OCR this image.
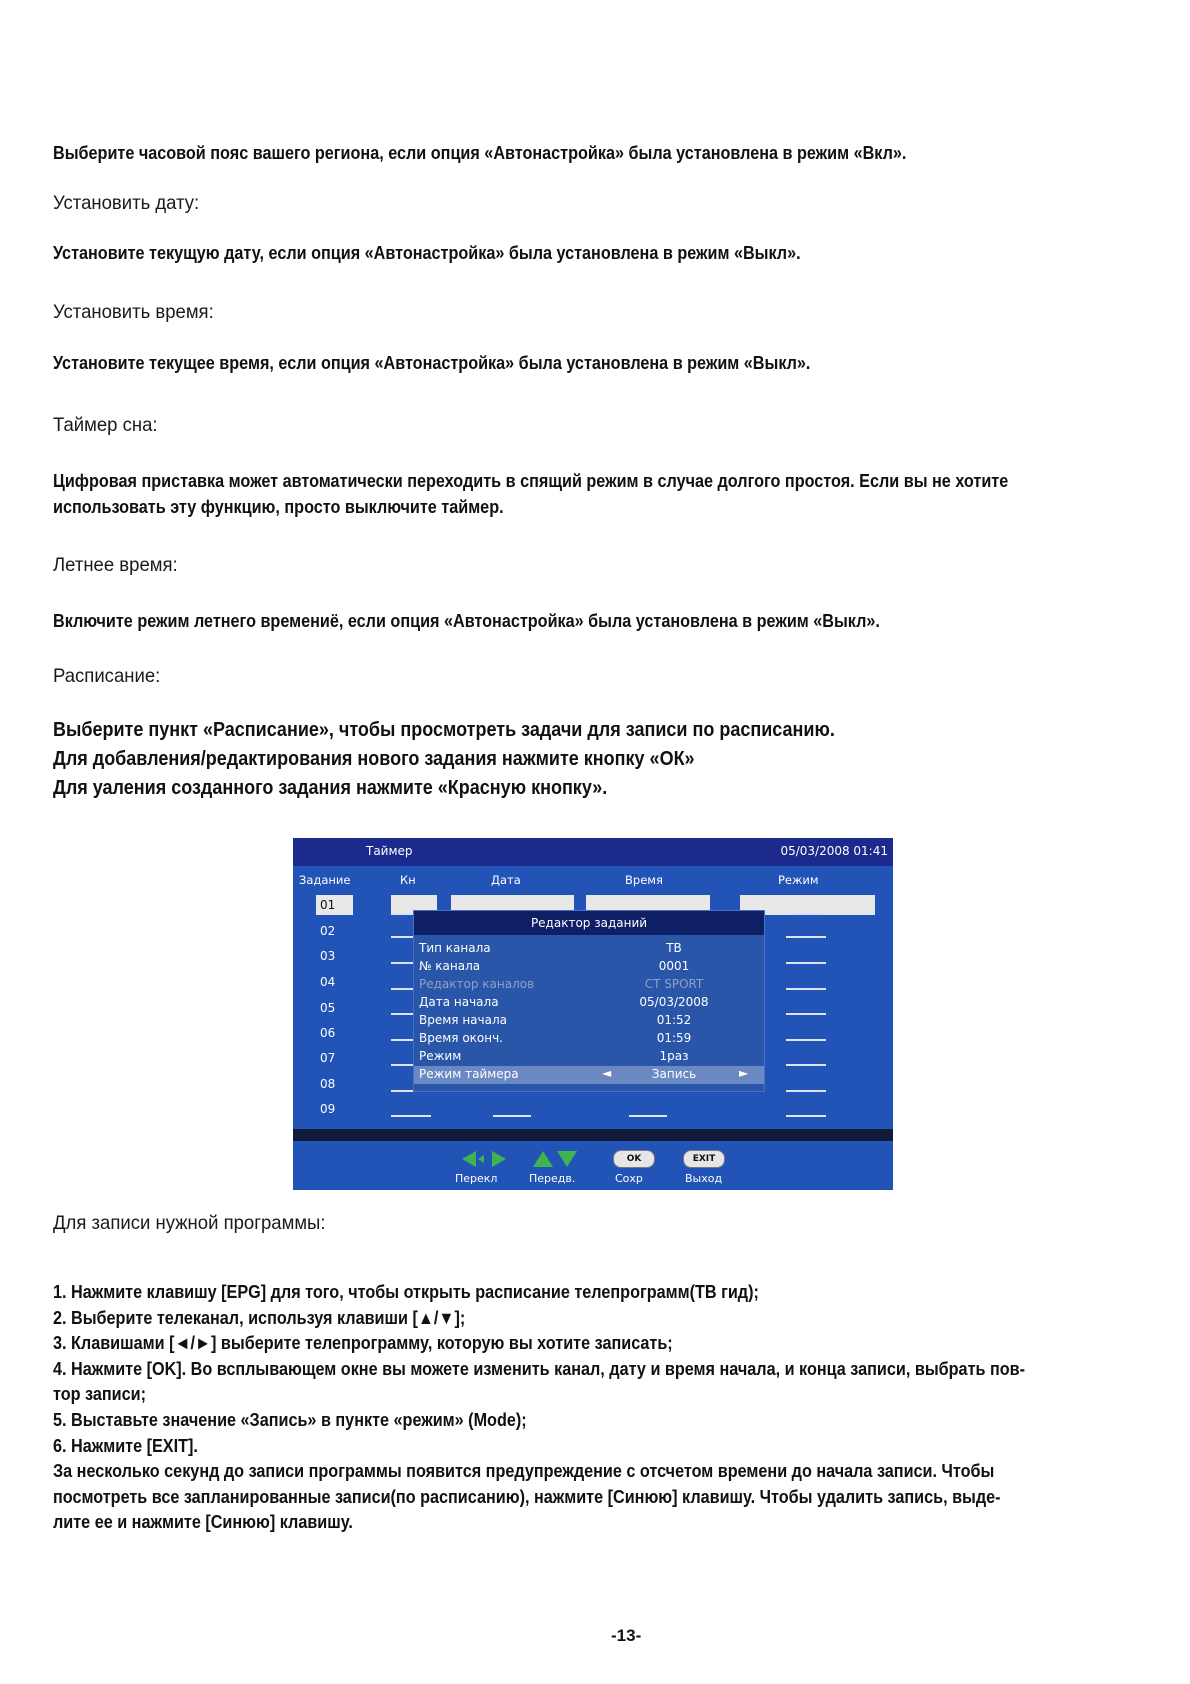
Выберите часовой пояс вашего региона, если опция «Автонастройка» была установлена в режим «Вкл».

Установить дату:

Установите текущую дату, если опция «Автонастройка» была установлена в режим «Выкл».

Установить время:

Установите текущее время, если опция «Автонастройка» была установлена в режим «Выкл».

Таймер сна:

Цифровая приставка может автоматически переходить в спящий режим в случае долгого простоя. Если вы не хотите

использовать эту функцию, просто выключите таймер.

Летнее время:

Включите режим летнего времениё, если опция «Автонастройка» была установлена в режим «Выкл».

Расписание:

Выберите пункт «Расписание», чтобы просмотреть задачи для записи по расписанию.

Для добавления/редактирования нового задания нажмите кнопку «ОК»

Для уаления созданного задания нажмите «Красную кнопку».

Для записи нужной программы:

1. Нажмите клавишу [EPG] для того, чтобы открыть расписание телепрограмм(ТВ гид);
2. Выберите телеканал, используя клавиши [▲/▼];
3. Клавишами [◄/►] выберите телепрограмму, которую вы хотите записать;
4. Нажмите [OK]. Во всплывающем окне вы можете изменить канал, дату и время начала, и конца записи, выбрать пов-
тор записи;
5. Выставьте значение «Запись» в пункте «режим» (Mode);
6. Нажмите [EXIT].
За несколько секунд до записи программы появится предупреждение с отсчетом времени до начала записи. Чтобы
посмотреть все запланированные записи(по расписанию), нажмите [Синюю] клавишу. Чтобы удалить запись, выде-
лите ее и нажмите [Синюю] клавишу.

-13-

Таймер	05/03/2008 01:41
Задание	Кн	Дата	Время	Режим
01
02
03
04
05
06
07
08
09
Редактор заданий
Тип канала	ТВ
№ канала	0001
Редактор каналов	CT SPORT
Дата начала	05/03/2008
Время начала	01:52
Время оконч.	01:59
Режим	1раз
Режим таймера	◄	Запись	►
OK	EXIT
Перекл	Передв.	Сохр	Выход
